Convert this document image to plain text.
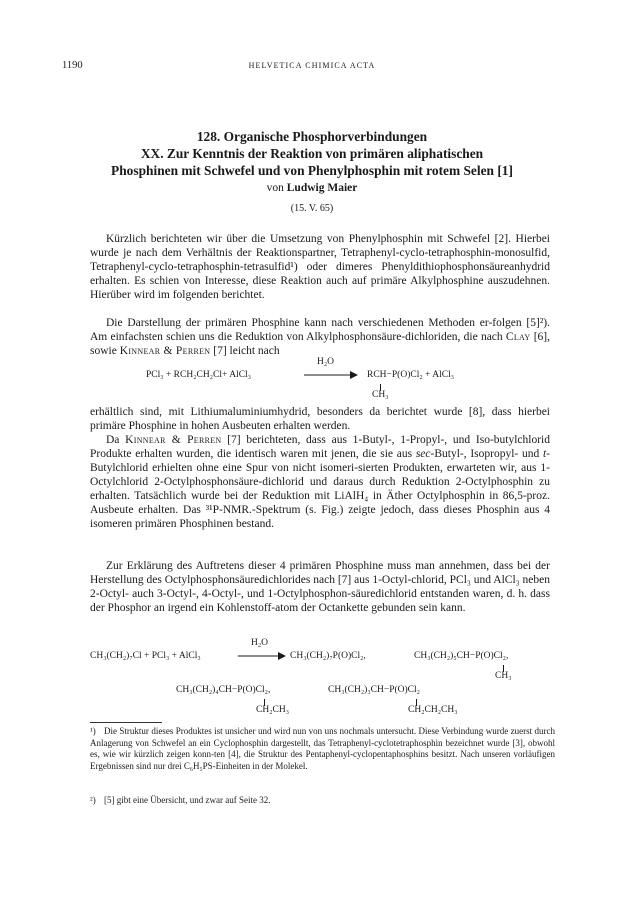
1190	HELVETICA CHIMICA ACTA
128. Organische Phosphorverbindungen
XX. Zur Kenntnis der Reaktion von primären aliphatischen
Phosphinen mit Schwefel und von Phenylphosphin mit rotem Selen [1]
von Ludwig Maier
(15. V. 65)

Kürzlich berichteten wir über die Umsetzung von Phenylphosphin mit Schwefel [2]. Hierbei wurde je nach dem Verhältnis der Reaktionspartner, Tetraphenyl-cyclo-tetraphosphin-monosulfid, Tetraphenyl-cyclo-tetraphosphin-tetrasulfid¹) oder dimeres Phenyldithiophosphonsäureanhydrid erhalten. Es schien von Interesse, diese Reaktion auch auf primäre Alkylphosphine auszudehnen. Hierüber wird im folgenden berichtet.

Die Darstellung der primären Phosphine kann nach verschiedenen Methoden er-folgen [5]²). Am einfachsten schien uns die Reduktion von Alkylphosphonsäure-dichloriden, die nach Clay [6], sowie Kinnear & Perren [7] leicht nach

PCl₃ + RCH₂CH₂Cl+ AlCl₃
H₂O
→ RCH−P(O)Cl₂ + AlCl₃
CH₃

erhältlich sind, mit Lithiumaluminiumhydrid, besonders da berichtet wurde [8], dass hierbei primäre Phosphine in hohen Ausbeuten erhalten werden.

Da Kinnear & Perren [7] berichteten, dass aus 1-Butyl-, 1-Propyl-, und Iso-butylchlorid Produkte erhalten wurden, die identisch waren mit jenen, die sie aus sec-Butyl-, Isopropyl- und t-Butylchlorid erhielten ohne eine Spur von nicht isomeri-sierten Produkten, erwarteten wir, aus 1-Octylchlorid 2-Octylphosphonsäure-dichlorid und daraus durch Reduktion 2-Octylphosphin zu erhalten. Tatsächlich wurde bei der Reduktion mit LiAlH₄ in Äther Octylphosphin in 86,5-proz. Ausbeute erhalten. Das ³¹P-NMR.-Spektrum (s. Fig.) zeigte jedoch, dass dieses Phosphin aus 4 isomeren primären Phosphinen bestand.

Zur Erklärung des Auftretens dieser 4 primären Phosphine muss man annehmen, dass bei der Herstellung des Octylphosphonsäuredichlorides nach [7] aus 1-Octyl-chlorid, PCl₃ und AlCl₃ neben 2-Octyl- auch 3-Octyl-, 4-Octyl-, und 1-Octylphosphon-säuredichlorid entstanden waren, d. h. dass der Phosphor an irgend ein Kohlenstoff-atom der Octankette gebunden sein kann.

CH₃(CH₂)₇Cl + PCl₃ + AlCl₃
H₂O
→ CH₃(CH₂)₇P(O)Cl₂,	CH₃(CH₂)₅CH−P(O)Cl₂,
CH₃
CH₃(CH₂)₄CH−P(O)Cl₂,
CH₂CH₃
CH₃(CH₂)₃CH−P(O)Cl₂
CH₂CH₂CH₃
¹) Die Struktur dieses Produktes ist unsicher und wird nun von uns nochmals untersucht. Diese Verbindung wurde zuerst durch Anlagerung von Schwefel an ein Cyclophosphin dargestellt, das Tetraphenyl-cyclotetraphosphin bezeichnet wurde [3], obwohl es, wie wir kürzlich zeigen konn-ten [4], die Struktur des Pentaphenyl-cyclopentaphosphins besitzt. Nach unseren vorläufigen Ergebnissen sind nur drei C₆H₅PS-Einheiten in der Molekel.
²) [5] gibt eine Übersicht, und zwar auf Seite 32.
